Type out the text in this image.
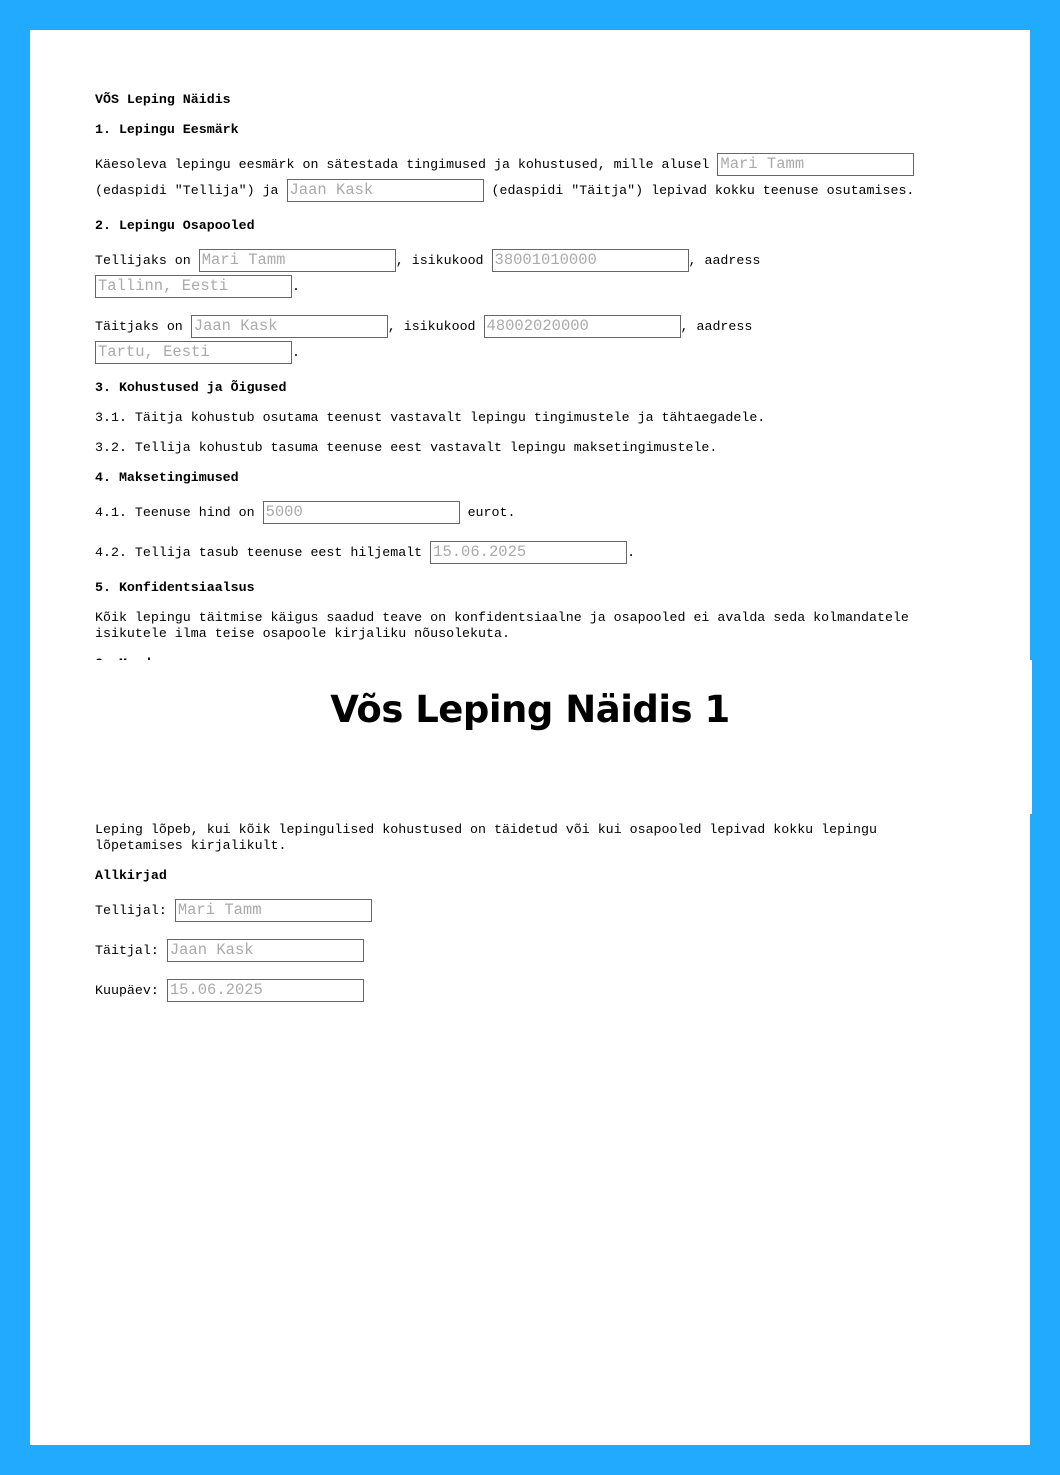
VÕS Leping Näidis
1. Lepingu Eesmärk
Käesoleva lepingu eesmärk on sätestada tingimused ja kohustused, mille alusel Mari Tamm
(edaspidi "Tellija") ja Jaan Kask	(edaspidi "Täitja") lepivad kokku teenuse osutamises.
2. Lepingu Osapooled
Tellijaks on Mari Tamm	, isikukood 38001010000	, aadress
Tallinn, Eesti	.
Täitjaks on Jaan Kask	, isikukood 48002020000	, aadress
Tartu, Eesti	.
3. Kohustused ja Õigused
3.1. Täitja kohustub osutama teenust vastavalt lepingu tingimustele ja tähtaegadele.
3.2. Tellija kohustub tasuma teenuse eest vastavalt lepingu maksetingimustele.
4. Maksetingimused
4.1. Teenuse hind on 5000	eurot.
4.2. Tellija tasub teenuse eest hiljemalt 15.06.2025	.
5. Konfidentsiaalsus
Kõik lepingu täitmise käigus saadud teave on konfidentsiaalne ja osapooled ei avalda seda kolmandatele isikutele ilma teise osapoole kirjaliku nõusolekuta.
Leping lõpeb, kui kõik lepingulised kohustused on täidetud või kui osapooled lepivad kokku lepingu lõpetamises kirjalikult.
Allkirjad
Tellijal: Mari Tamm
Täitjal: Jaan Kask
Kuupäev: 15.06.2025
Võs Leping Näidis 1
